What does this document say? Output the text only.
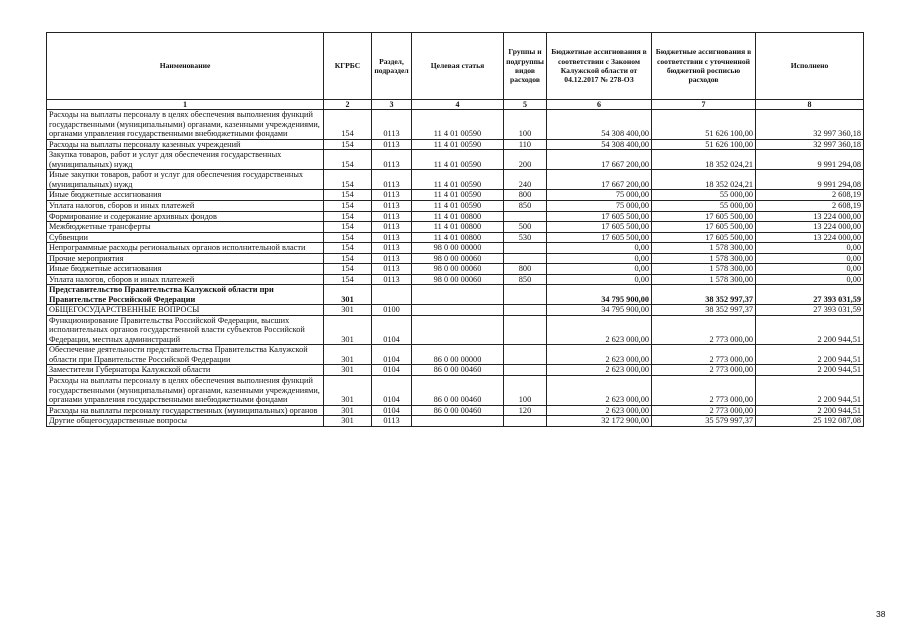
Наименование	КГРБС	Раздел, подраздел	Целевая статья	Группы и подгруппы видов расходов	Бюджетные ассигнования в соответствии с Законом Калужской области от 04.12.2017 № 278-ОЗ	Бюджетные ассигнования в соответствии с уточненной бюджетной росписью расходов	Исполнено
1	2	3	4	5	6	7	8
Расходы на выплаты персоналу в целях обеспечения выполнения функций государственными (муниципальными) органами, казенными учреждениями, органами управления государственными внебюджетными фондами	154	0113	11 4 01 00590	100	54 308 400,00	51 626 100,00	32 997 360,18
Расходы на выплаты персоналу казенных учреждений	154	0113	11 4 01 00590	110	54 308 400,00	51 626 100,00	32 997 360,18
Закупка товаров, работ и услуг для обеспечения государственных (муниципальных) нужд	154	0113	11 4 01 00590	200	17 667 200,00	18 352 024,21	9 991 294,08
Иные закупки товаров, работ и услуг для обеспечения государственных (муниципальных) нужд	154	0113	11 4 01 00590	240	17 667 200,00	18 352 024,21	9 991 294,08
Иные бюджетные ассигнования	154	0113	11 4 01 00590	800	75 000,00	55 000,00	2 608,19
Уплата налогов, сборов и иных платежей	154	0113	11 4 01 00590	850	75 000,00	55 000,00	2 608,19
Формирование и содержание архивных фондов	154	0113	11 4 01 00800		17 605 500,00	17 605 500,00	13 224 000,00
Межбюджетные трансферты	154	0113	11 4 01 00800	500	17 605 500,00	17 605 500,00	13 224 000,00
Субвенции	154	0113	11 4 01 00800	530	17 605 500,00	17 605 500,00	13 224 000,00
Непрограммные расходы региональных органов исполнительной власти	154	0113	98 0 00 00000		0,00	1 578 300,00	0,00
Прочие мероприятия	154	0113	98 0 00 00060		0,00	1 578 300,00	0,00
Иные бюджетные ассигнования	154	0113	98 0 00 00060	800	0,00	1 578 300,00	0,00
Уплата налогов, сборов и иных платежей	154	0113	98 0 00 00060	850	0,00	1 578 300,00	0,00
Представительство Правительства Калужской области при Правительстве Российской Федерации	301				34 795 900,00	38 352 997,37	27 393 031,59
ОБЩЕГОСУДАРСТВЕННЫЕ ВОПРОСЫ	301	0100			34 795 900,00	38 352 997,37	27 393 031,59
Функционирование Правительства Российской Федерации, высших исполнительных органов государственной власти субъектов Российской Федерации, местных администраций	301	0104			2 623 000,00	2 773 000,00	2 200 944,51
Обеспечение деятельности представительства Правительства Калужской области при Правительстве Российской Федерации	301	0104	86 0 00 00000		2 623 000,00	2 773 000,00	2 200 944,51
Заместители Губернатора Калужской области	301	0104	86 0 00 00460		2 623 000,00	2 773 000,00	2 200 944,51
Расходы на выплаты персоналу в целях обеспечения выполнения функций государственными (муниципальными) органами, казенными учреждениями, органами управления государственными внебюджетными фондами	301	0104	86 0 00 00460	100	2 623 000,00	2 773 000,00	2 200 944,51
Расходы на выплаты персоналу государственных (муниципальных) органов	301	0104	86 0 00 00460	120	2 623 000,00	2 773 000,00	2 200 944,51
Другие общегосударственные вопросы	301	0113			32 172 900,00	35 579 997,37	25 192 087,08
38
